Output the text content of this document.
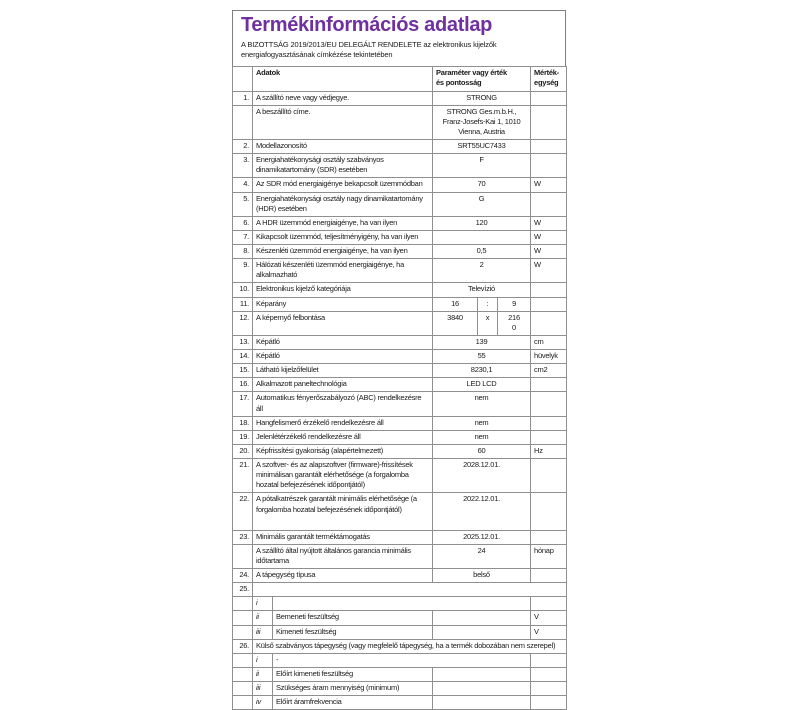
Termékinformációs adatlap
A BIZOTTSÁG 2019/2013/EU DELEGÁLT RENDELETE az elektronikus kijelzők energiafogyasztásának címkézése tekintetében
	Adatok		Paraméter vagy érték és pontosság			Mérték-egység
1.	A szállító neve vagy védjegye.		STRONG			
	A beszállító címe.		STRONG Ges.m.b.H., Franz-Josefs-Kai 1, 1010 Vienna, Austria			
2.	Modellazonosító		SRT55UC7433			
3.	Energiahatékonysági osztály szabványos dinamikatartomány (SDR) esetében		F			
4.	Az SDR mód energiaigénye bekapcsolt üzemmódban		70			W
5.	Energiahatékonysági osztály nagy dinamikatartomány (HDR) esetében		G			
6.	A HDR üzemmód energiaigénye, ha van ilyen		120			W
7.	Kikapcsolt üzemmód, teljesítményigény, ha van ilyen					W
8.	Készenléti üzemmód energiaigénye, ha van ilyen		0,5			W
9.	Hálózati készenléti üzemmód energiaigénye, ha alkalmazható		2			W
10.	Elektronikus kijelző kategóriája		Televízió			
11.	Képarány		16	:	9	
12.	A képernyő felbontása		3840	x	2160	
13.	Képátló		139			cm
14.	Képátló		55			hüvelyk
15.	Látható kijelzőfelület		8230,1			cm2
16.	Alkalmazott paneltechnológia		LED LCD			
17.	Automatikus fényerőszabályozó (ABC) rendelkezésre áll		nem			
18.	Hangfelismerő érzékelő rendelkezésre áll		nem			
19.	Jelenlétérzékelő rendelkezésre áll		nem			
20.	Képfrissítési gyakoriság (alapértelmezett)		60			Hz
21.	A szoftver- és az alapszoftver (firmware)-frissítések minimálisan garantált elérhetősége (a forgalomba hozatal befejezésének időpontjától)		2028.12.01.			
22.	A pótalkatrészek garantált minimális elérhetősége (a forgalomba hozatal befejezésének időpontjától)		2022.12.01.			
23.	Minimális garantált terméktámogatás		2025.12.01.			
	A szállító által nyújtott általános garancia minimális időtartama		24			hónap
24.	A tápegység típusa		belső			
25.						
	i					
	ii	Bemeneti feszültség				V
	iii	Kimeneti feszültség				V
26.	Külső szabványos tápegység (vagy megfelelő tápegység, ha a termék dobozában nem szerepel)					
	i	-				
	ii	Előírt kimeneti feszültség				
	iii	Szükséges áram mennyiség (minimum)				
	iv	Előírt áramfrekvencia				
